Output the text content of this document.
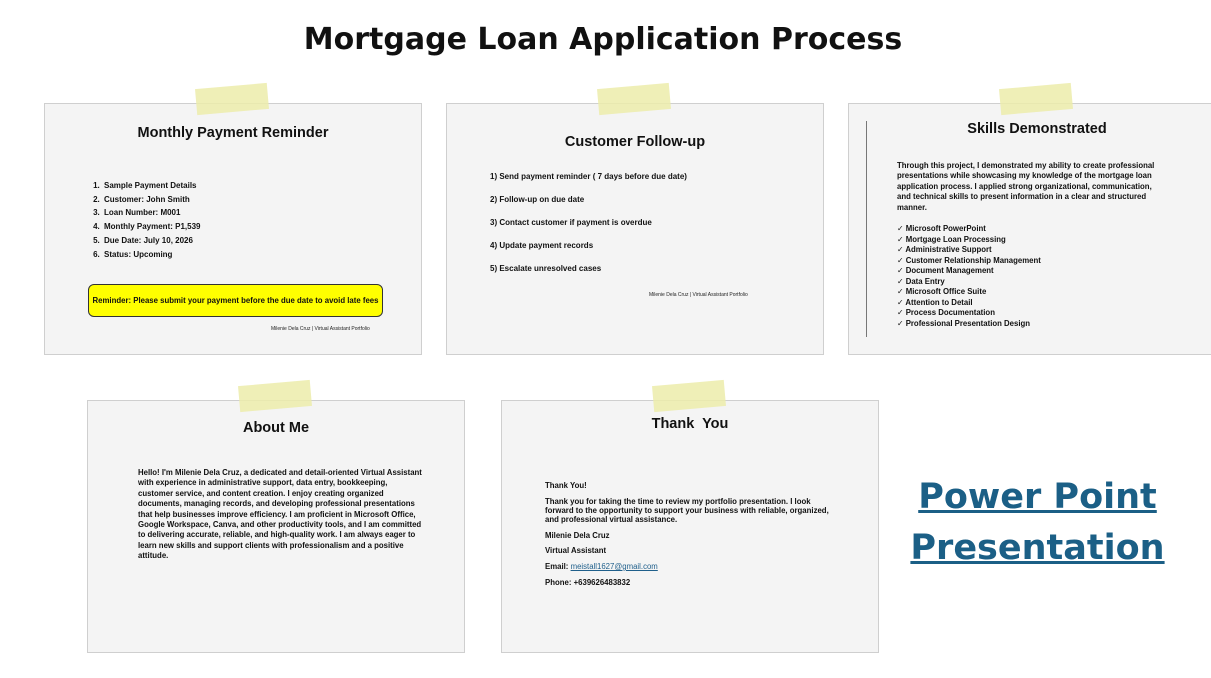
Mortgage Loan Application Process
Monthly Payment Reminder
1. Sample Payment Details
2. Customer: John Smith
3. Loan Number: M001
4. Monthly Payment: P1,539
5. Due Date: July 10, 2026
6. Status: Upcoming
Reminder: Please submit your payment before the due date to avoid late fees
Milenie Dela Cruz | Virtual Assistant Portfolio
Customer Follow-up
1) Send payment reminder ( 7 days before due date)
2) Follow-up on due date
3) Contact customer if payment is overdue
4) Update payment records
5) Escalate unresolved cases
Milenie Dela Cruz | Virtual Assistant Portfolio
Skills Demonstrated
Through this project, I demonstrated my ability to create professional presentations while showcasing my knowledge of the mortgage loan application process. I applied strong organizational, communication, and technical skills to present information in a clear and structured manner.
✓ Microsoft PowerPoint
✓ Mortgage Loan Processing
✓ Administrative Support
✓ Customer Relationship Management
✓ Document Management
✓ Data Entry
✓ Microsoft Office Suite
✓ Attention to Detail
✓ Process Documentation
✓ Professional Presentation Design
About Me
Hello! I'm Milenie Dela Cruz, a dedicated and detail-oriented Virtual Assistant with experience in administrative support, data entry, bookkeeping, customer service, and content creation. I enjoy creating organized documents, managing records, and developing professional presentations that help businesses improve efficiency. I am proficient in Microsoft Office, Google Workspace, Canva, and other productivity tools, and I am committed to delivering accurate, reliable, and high-quality work. I am always eager to learn new skills and support clients with professionalism and a positive attitude.
Thank  You
Thank You!
Thank you for taking the time to review my portfolio presentation. I look forward to the opportunity to support your business with reliable, organized, and professional virtual assistance.
Milenie Dela Cruz
Virtual Assistant
Email: meistall1627@gmail.com
Phone: +639626483832
Power Point
Presentation
